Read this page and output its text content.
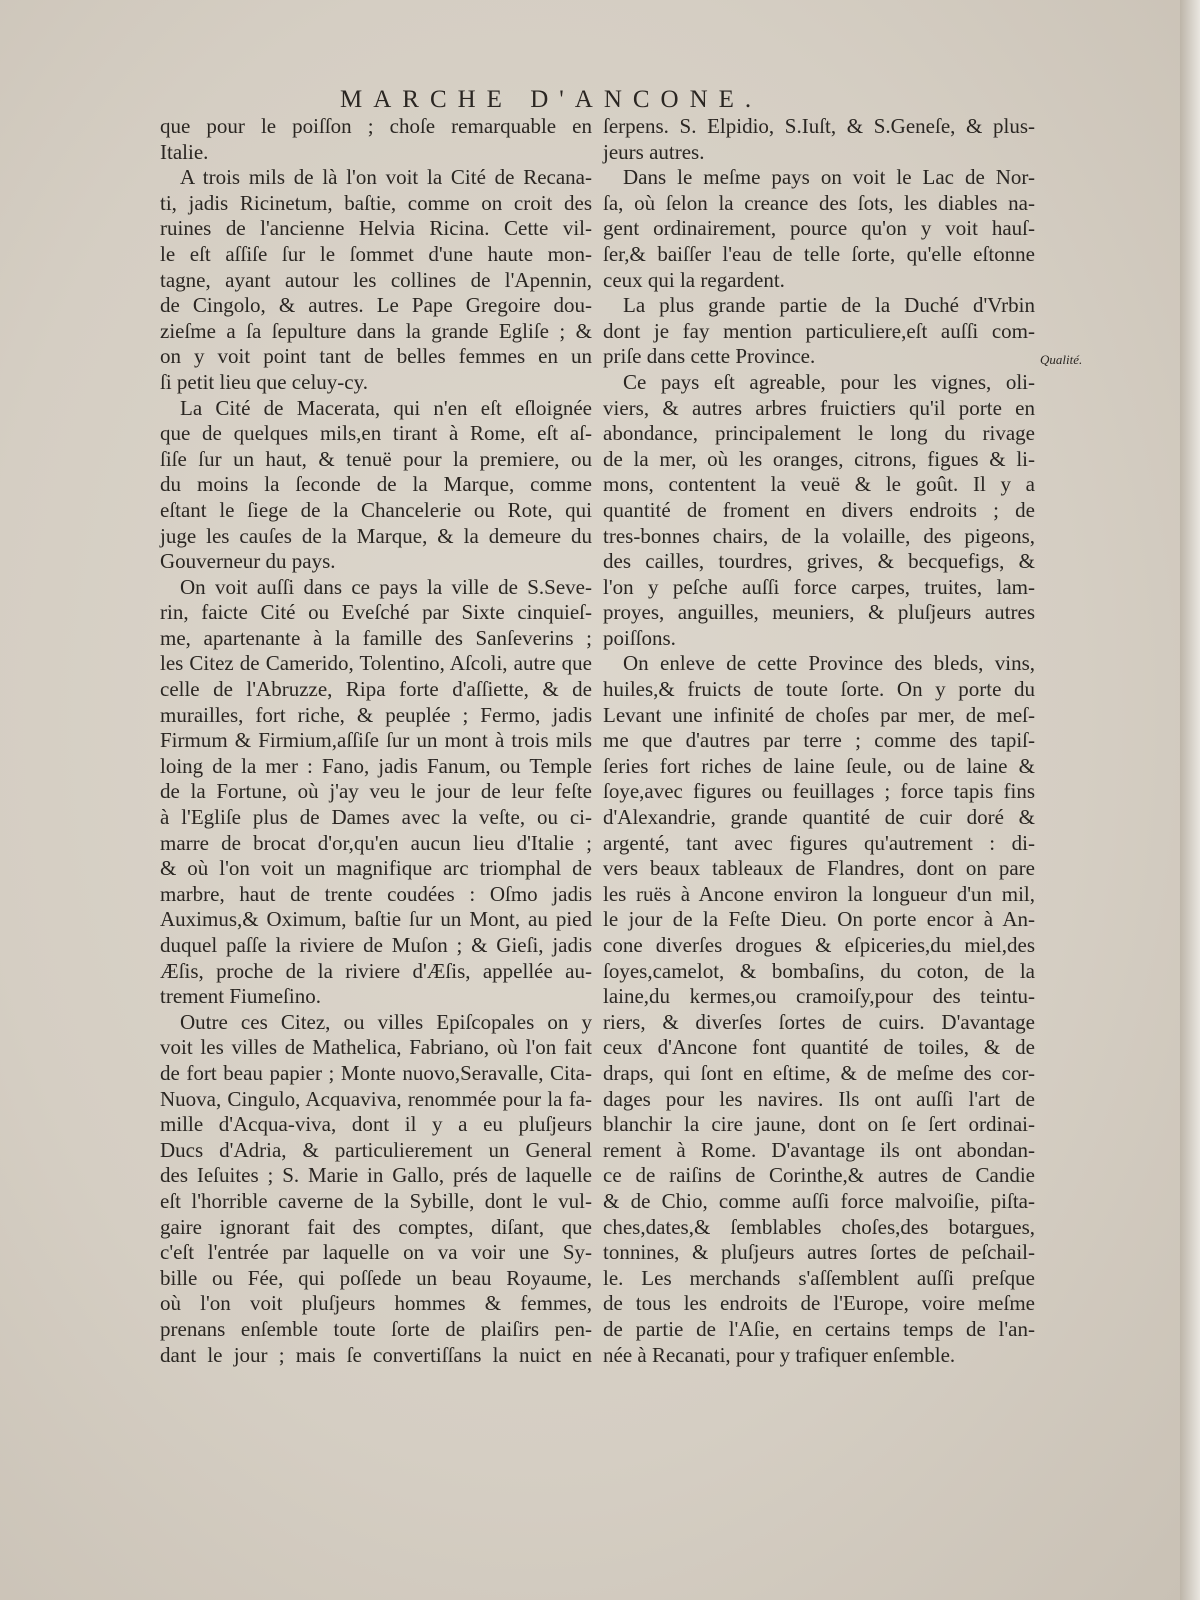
MARCHE D'ANCONE.
que pour le poiſſon ; choſe remarquable en
Italie.
A trois mils de là l'on voit la Cité de Recana-
ti, jadis Ricinetum, baſtie, comme on croit des
ruines de l'ancienne Helvia Ricina. Cette vil-
le eſt aſſiſe ſur le ſommet d'une haute mon-
tagne, ayant autour les collines de l'Apennin,
de Cingolo, & autres. Le Pape Gregoire dou-
zieſme a ſa ſepulture dans la grande Egliſe ; &
on y voit point tant de belles femmes en un
ſi petit lieu que celuy-cy.
La Cité de Macerata, qui n'en eſt eſloignée
que de quelques mils,en tirant à Rome, eſt aſ-
ſiſe ſur un haut, & tenuë pour la premiere, ou
du moins la ſeconde de la Marque, comme
eſtant le ſiege de la Chancelerie ou Rote, qui
juge les cauſes de la Marque, & la demeure du
Gouverneur du pays.
On voit auſſi dans ce pays la ville de S.Seve-
rin, faicte Cité ou Eveſché par Sixte cinquieſ-
me, apartenante à la famille des Sanſeverins ;
les Citez de Camerido, Tolentino, Aſcoli, autre que
celle de l'Abruzze, Ripa forte d'aſſiette, & de
murailles, fort riche, & peuplée ; Fermo, jadis
Firmum & Firmium,aſſiſe ſur un mont à trois mils
loing de la mer : Fano, jadis Fanum, ou Temple
de la Fortune, où j'ay veu le jour de leur feſte
à l'Egliſe plus de Dames avec la veſte, ou ci-
marre de brocat d'or,qu'en aucun lieu d'Italie ;
& où l'on voit un magnifique arc triomphal de
marbre, haut de trente coudées : Oſmo jadis
Auximus,& Oximum, baſtie ſur un Mont, au pied
duquel paſſe la riviere de Muſon ; & Gieſi, jadis
Æſis, proche de la riviere d'Æſis, appellée au-
trement Fiumeſino.
Outre ces Citez, ou villes Epiſcopales on y
voit les villes de Mathelica, Fabriano, où l'on fait
de fort beau papier ; Monte nuovo,Seravalle, Cita-
Nuova, Cingulo, Acquaviva, renommée pour la fa-
mille d'Acqua-viva, dont il y a eu pluſjeurs
Ducs d'Adria, & particulierement un General
des Ieſuites ; S. Marie in Gallo, prés de laquelle
eſt l'horrible caverne de la Sybille, dont le vul-
gaire ignorant fait des comptes, diſant, que
c'eſt l'entrée par laquelle on va voir une Sy-
bille ou Fée, qui poſſede un beau Royaume,
où l'on voit pluſjeurs hommes & femmes,
prenans enſemble toute ſorte de plaiſirs pen-
dant le jour ; mais ſe convertiſſans la nuict en
ſerpens. S. Elpidio, S.Iuſt, & S.Geneſe, & plus-
jeurs autres.
Dans le meſme pays on voit le Lac de Nor-
ſa, où ſelon la creance des ſots, les diables na-
gent ordinairement, pource qu'on y voit hauſ-
ſer,& baiſſer l'eau de telle ſorte, qu'elle eſtonne
ceux qui la regardent.
La plus grande partie de la Duché d'Vrbin
dont je fay mention particuliere,eſt auſſi com-
priſe dans cette Province.
Ce pays eſt agreable, pour les vignes, oli-
viers, & autres arbres fruictiers qu'il porte en
abondance, principalement le long du rivage
de la mer, où les oranges, citrons, figues & li-
mons, contentent la veuë & le goût. Il y a
quantité de froment en divers endroits ; de
tres-bonnes chairs, de la volaille, des pigeons,
des cailles, tourdres, grives, & becquefigs, &
l'on y peſche auſſi force carpes, truites, lam-
proyes, anguilles, meuniers, & pluſjeurs autres
poiſſons.
On enleve de cette Province des bleds, vins,
huiles,& fruicts de toute ſorte. On y porte du
Levant une infinité de choſes par mer, de meſ-
me que d'autres par terre ; comme des tapiſ-
ſeries fort riches de laine ſeule, ou de laine &
ſoye,avec figures ou feuillages ; force tapis fins
d'Alexandrie, grande quantité de cuir doré &
argenté, tant avec figures qu'autrement : di-
vers beaux tableaux de Flandres, dont on pare
les ruës à Ancone environ la longueur d'un mil,
le jour de la Feſte Dieu. On porte encor à An-
cone diverſes drogues & eſpiceries,du miel,des
ſoyes,camelot, & bombaſins, du coton, de la
laine,du kermes,ou cramoiſy,pour des teintu-
riers, & diverſes ſortes de cuirs. D'avantage
ceux d'Ancone font quantité de toiles, & de
draps, qui ſont en eſtime, & de meſme des cor-
dages pour les navires. Ils ont auſſi l'art de
blanchir la cire jaune, dont on ſe ſert ordinai-
rement à Rome. D'avantage ils ont abondan-
ce de raiſins de Corinthe,& autres de Candie
& de Chio, comme auſſi force malvoiſie, piſta-
ches,dates,& ſemblables choſes,des botargues,
tonnines, & pluſjeurs autres ſortes de peſchail-
le. Les merchands s'aſſemblent auſſi preſque
de tous les endroits de l'Europe, voire meſme
de partie de l'Aſie, en certains temps de l'an-
née à Recanati, pour y trafiquer enſemble.
Qualité.
